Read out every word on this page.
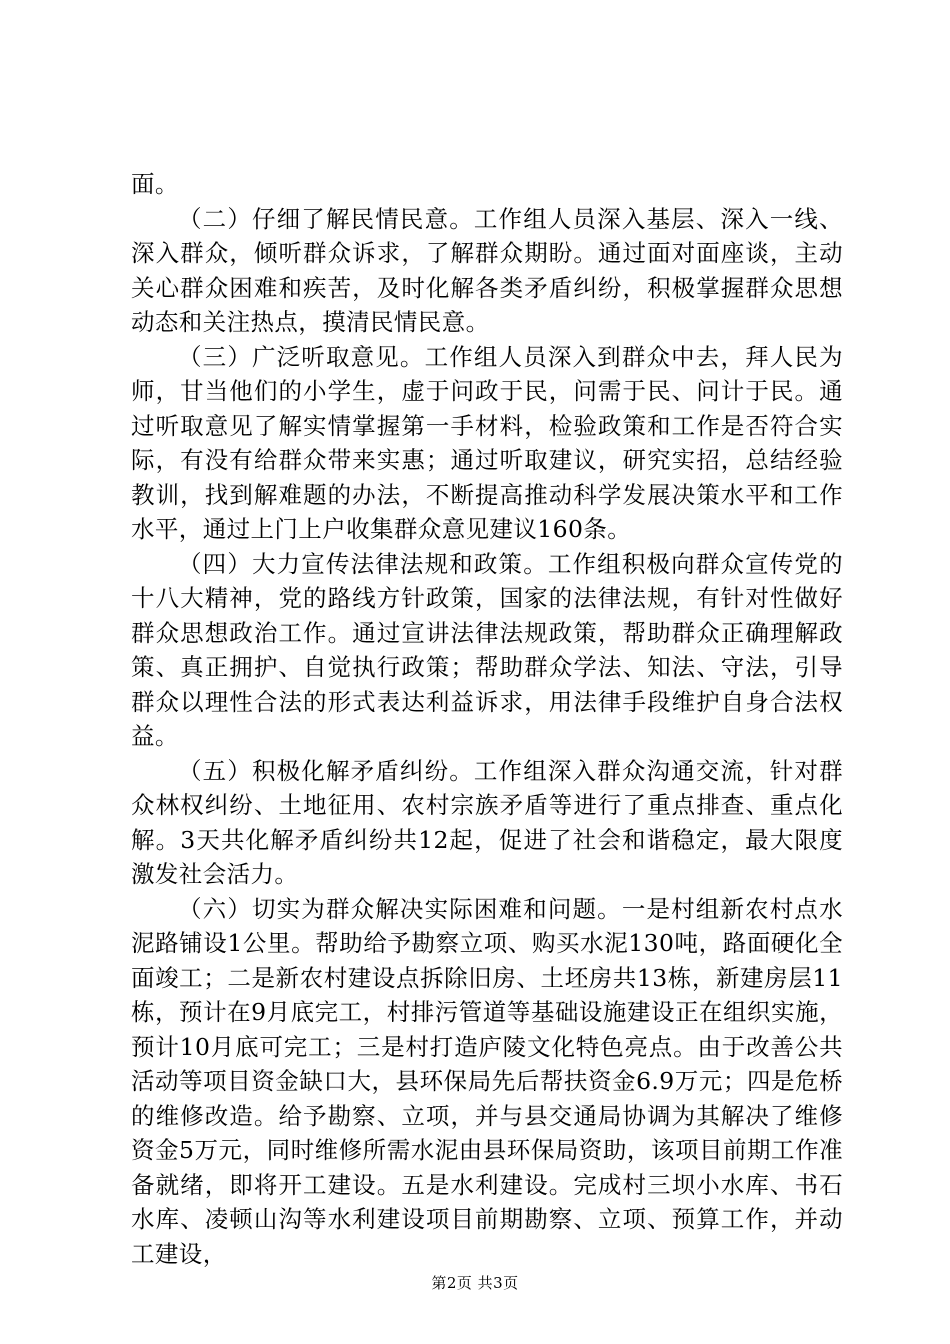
面。

（二）仔细了解民情民意。工作组人员深入基层、深入一线、深入群众，倾听群众诉求，了解群众期盼。通过面对面座谈，主动关心群众困难和疾苦，及时化解各类矛盾纠纷，积极掌握群众思想动态和关注热点，摸清民情民意。

（三）广泛听取意见。工作组人员深入到群众中去，拜人民为师，甘当他们的小学生，虚于问政于民，问需于民、问计于民。通过听取意见了解实情掌握第一手材料，检验政策和工作是否符合实际，有没有给群众带来实惠；通过听取建议，研究实招，总结经验教训，找到解难题的办法，不断提高推动科学发展决策水平和工作水平，通过上门上户收集群众意见建议160条。

（四）大力宣传法律法规和政策。工作组积极向群众宣传党的十八大精神，党的路线方针政策，国家的法律法规，有针对性做好群众思想政治工作。通过宣讲法律法规政策，帮助群众正确理解政策、真正拥护、自觉执行政策；帮助群众学法、知法、守法，引导群众以理性合法的形式表达利益诉求，用法律手段维护自身合法权益。

（五）积极化解矛盾纠纷。工作组深入群众沟通交流，针对群众林权纠纷、土地征用、农村宗族矛盾等进行了重点排查、重点化解。3天共化解矛盾纠纷共12起，促进了社会和谐稳定，最大限度激发社会活力。

（六）切实为群众解决实际困难和问题。一是村组新农村点水泥路铺设1公里。帮助给予勘察立项、购买水泥130吨，路面硬化全面竣工；二是新农村建设点拆除旧房、土坯房共13栋，新建房层11栋，预计在9月底完工，村排污管道等基础设施建设正在组织实施，预计10月底可完工；三是村打造庐陵文化特色亮点。由于改善公共活动等项目资金缺口大，县环保局先后帮扶资金6.9万元；四是危桥的维修改造。给予勘察、立项，并与县交通局协调为其解决了维修资金5万元，同时维修所需水泥由县环保局资助，该项目前期工作准备就绪，即将开工建设。五是水利建设。完成村三坝小水库、书石水库、凌顿山沟等水利建设项目前期勘察、立项、预算工作，并动工建设，

第2页 共3页
